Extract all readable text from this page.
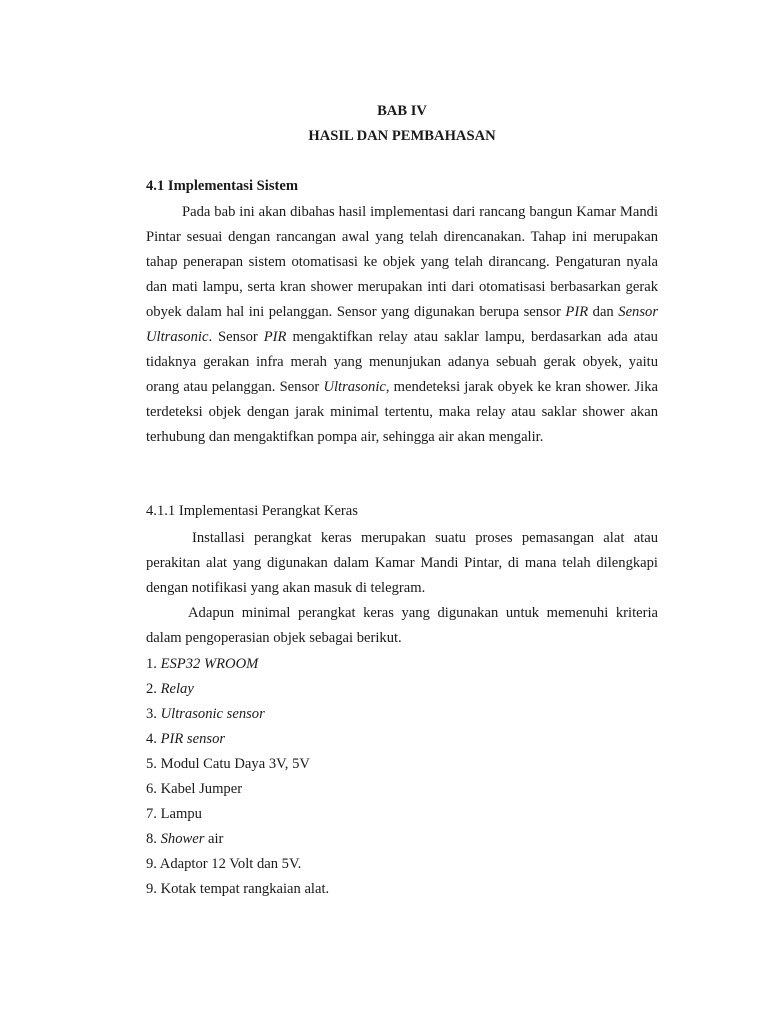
BAB IV
HASIL DAN PEMBAHASAN
4.1 Implementasi Sistem

Pada bab ini akan dibahas hasil implementasi dari rancang bangun Kamar Mandi Pintar sesuai dengan rancangan awal yang telah direncanakan. Tahap ini merupakan tahap penerapan sistem otomatisasi ke objek yang telah dirancang. Pengaturan nyala dan mati lampu, serta kran shower merupakan inti dari otomatisasi berbasarkan gerak obyek dalam hal ini pelanggan. Sensor yang digunakan berupa sensor PIR dan Sensor Ultrasonic. Sensor PIR mengaktifkan relay atau saklar lampu, berdasarkan ada atau tidaknya gerakan infra merah yang menunjukan adanya sebuah gerak obyek, yaitu orang atau pelanggan. Sensor Ultrasonic, mendeteksi jarak obyek ke kran shower. Jika terdeteksi objek dengan jarak minimal tertentu, maka relay atau saklar shower akan terhubung dan mengaktifkan pompa air, sehingga air akan mengalir.

4.1.1 Implementasi Perangkat Keras

Installasi perangkat keras merupakan suatu proses pemasangan alat atau perakitan alat yang digunakan dalam Kamar Mandi Pintar, di mana telah dilengkapi dengan notifikasi yang akan masuk di telegram.

Adapun minimal perangkat keras yang digunakan untuk memenuhi kriteria dalam pengoperasian objek sebagai berikut.

1. ESP32 WROOM
2. Relay
3. Ultrasonic sensor
4. PIR sensor
5. Modul Catu Daya 3V, 5V
6. Kabel Jumper
7. Lampu
8. Shower air
9. Adaptor 12 Volt dan 5V.
9. Kotak tempat rangkaian alat.
